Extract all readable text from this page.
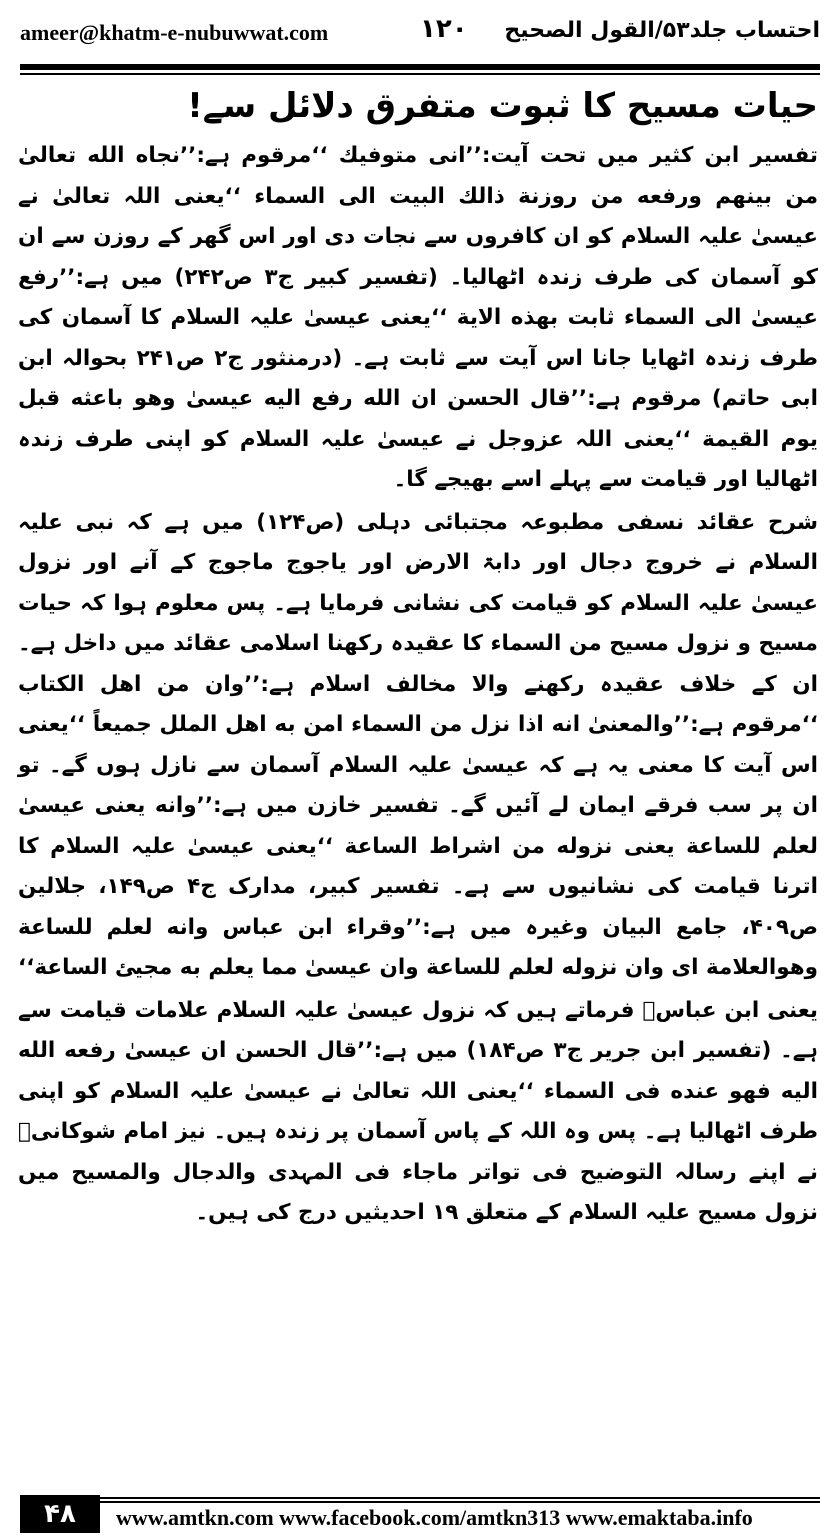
ameer@khatm-e-nubuwwat.com	۱۲۰ احتساب جلد۵۳/القول الصحیح
حیات مسیح کا ثبوت متفرق دلائل سے!

تفسیر ابن کثیر میں تحت آیت:’’انی متوفیك ‘‘مرقوم ہے:’’نجاه الله تعالیٰ من بینهم ورفعه من روزنة ذالك البیت الی السماء ‘‘یعنی اللہ تعالیٰ نے عیسیٰ علیہ السلام کو ان کافروں سے نجات دی اور اس گھر کے روزن سے ان کو آسمان کی طرف زندہ اٹھالیا۔ (تفسیر کبیر ج۳ ص۲۴۲) میں ہے:’’رفع عیسیٰ الی السماء ثابت بهذه الایة ‘‘یعنی عیسیٰ علیہ السلام کا آسمان کی طرف زندہ اٹھایا جانا اس آیت سے ثابت ہے۔ (درمنثور ج۲ ص۲۴۱ بحوالہ ابن ابی حاتم) مرقوم ہے:’’قال الحسن ان الله رفع الیه عیسیٰ وهو باعثه قبل یوم القیمة ‘‘یعنی اللہ عزوجل نے عیسیٰ علیہ السلام کو اپنی طرف زندہ اٹھالیا اور قیامت سے پہلے اسے بھیجے گا۔

شرح عقائد نسفی مطبوعہ مجتبائی دہلی (ص۱۲۴) میں ہے کہ نبی علیہ السلام نے خروج دجال اور دابۃ الارض اور یاجوج ماجوج کے آنے اور نزول عیسیٰ علیہ السلام کو قیامت کی نشانی فرمایا ہے۔ پس معلوم ہوا کہ حیات مسیح و نزول مسیح من السماء کا عقیدہ رکھنا اسلامی عقائد میں داخل ہے۔ ان کے خلاف عقیدہ رکھنے والا مخالف اسلام ہے:’’وان من اهل الکتاب ‘‘مرقوم ہے:’’والمعنیٰ انه اذا نزل من السماء امن به اهل الملل جمیعاً ‘‘یعنی اس آیت کا معنی یہ ہے کہ عیسیٰ علیہ السلام آسمان سے نازل ہوں گے۔ تو ان پر سب فرقے ایمان لے آئیں گے۔ تفسیر خازن میں ہے:’’وانه یعنی عیسیٰ لعلم للساعة یعنی نزوله من اشراط الساعة ‘‘یعنی عیسیٰ علیہ السلام کا اترنا قیامت کی نشانیوں سے ہے۔ تفسیر کبیر، مدارک ج۴ ص۱۴۹، جلالین ص۴۰۹، جامع البیان وغیرہ میں ہے:’’وقراء ابن عباس وانه لعلم للساعة وهوالعلامة ای وان نزوله لعلم للساعة وان عیسیٰ مما یعلم به مجیئ الساعة‘‘

یعنی ابن عباسؓ فرماتے ہیں کہ نزول عیسیٰ علیہ السلام علامات قیامت سے ہے۔ (تفسیر ابن جریر ج۳ ص۱۸۴) میں ہے:’’قال الحسن ان عیسیٰ رفعه الله الیه فهو عنده فی السماء ‘‘یعنی اللہ تعالیٰ نے عیسیٰ علیہ السلام کو اپنی طرف اٹھالیا ہے۔ پس وہ اللہ کے پاس آسمان پر زندہ ہیں۔ نیز امام شوکانیؒ نے اپنے رسالہ التوضیح فی تواتر ماجاء فی المہدی والدجال والمسیح میں نزول مسیح علیہ السلام کے متعلق ۱۹ احدیثیں درج کی ہیں۔

۴۸	www.amtkn.com www.facebook.com/amtkn313 www.emaktaba.info
